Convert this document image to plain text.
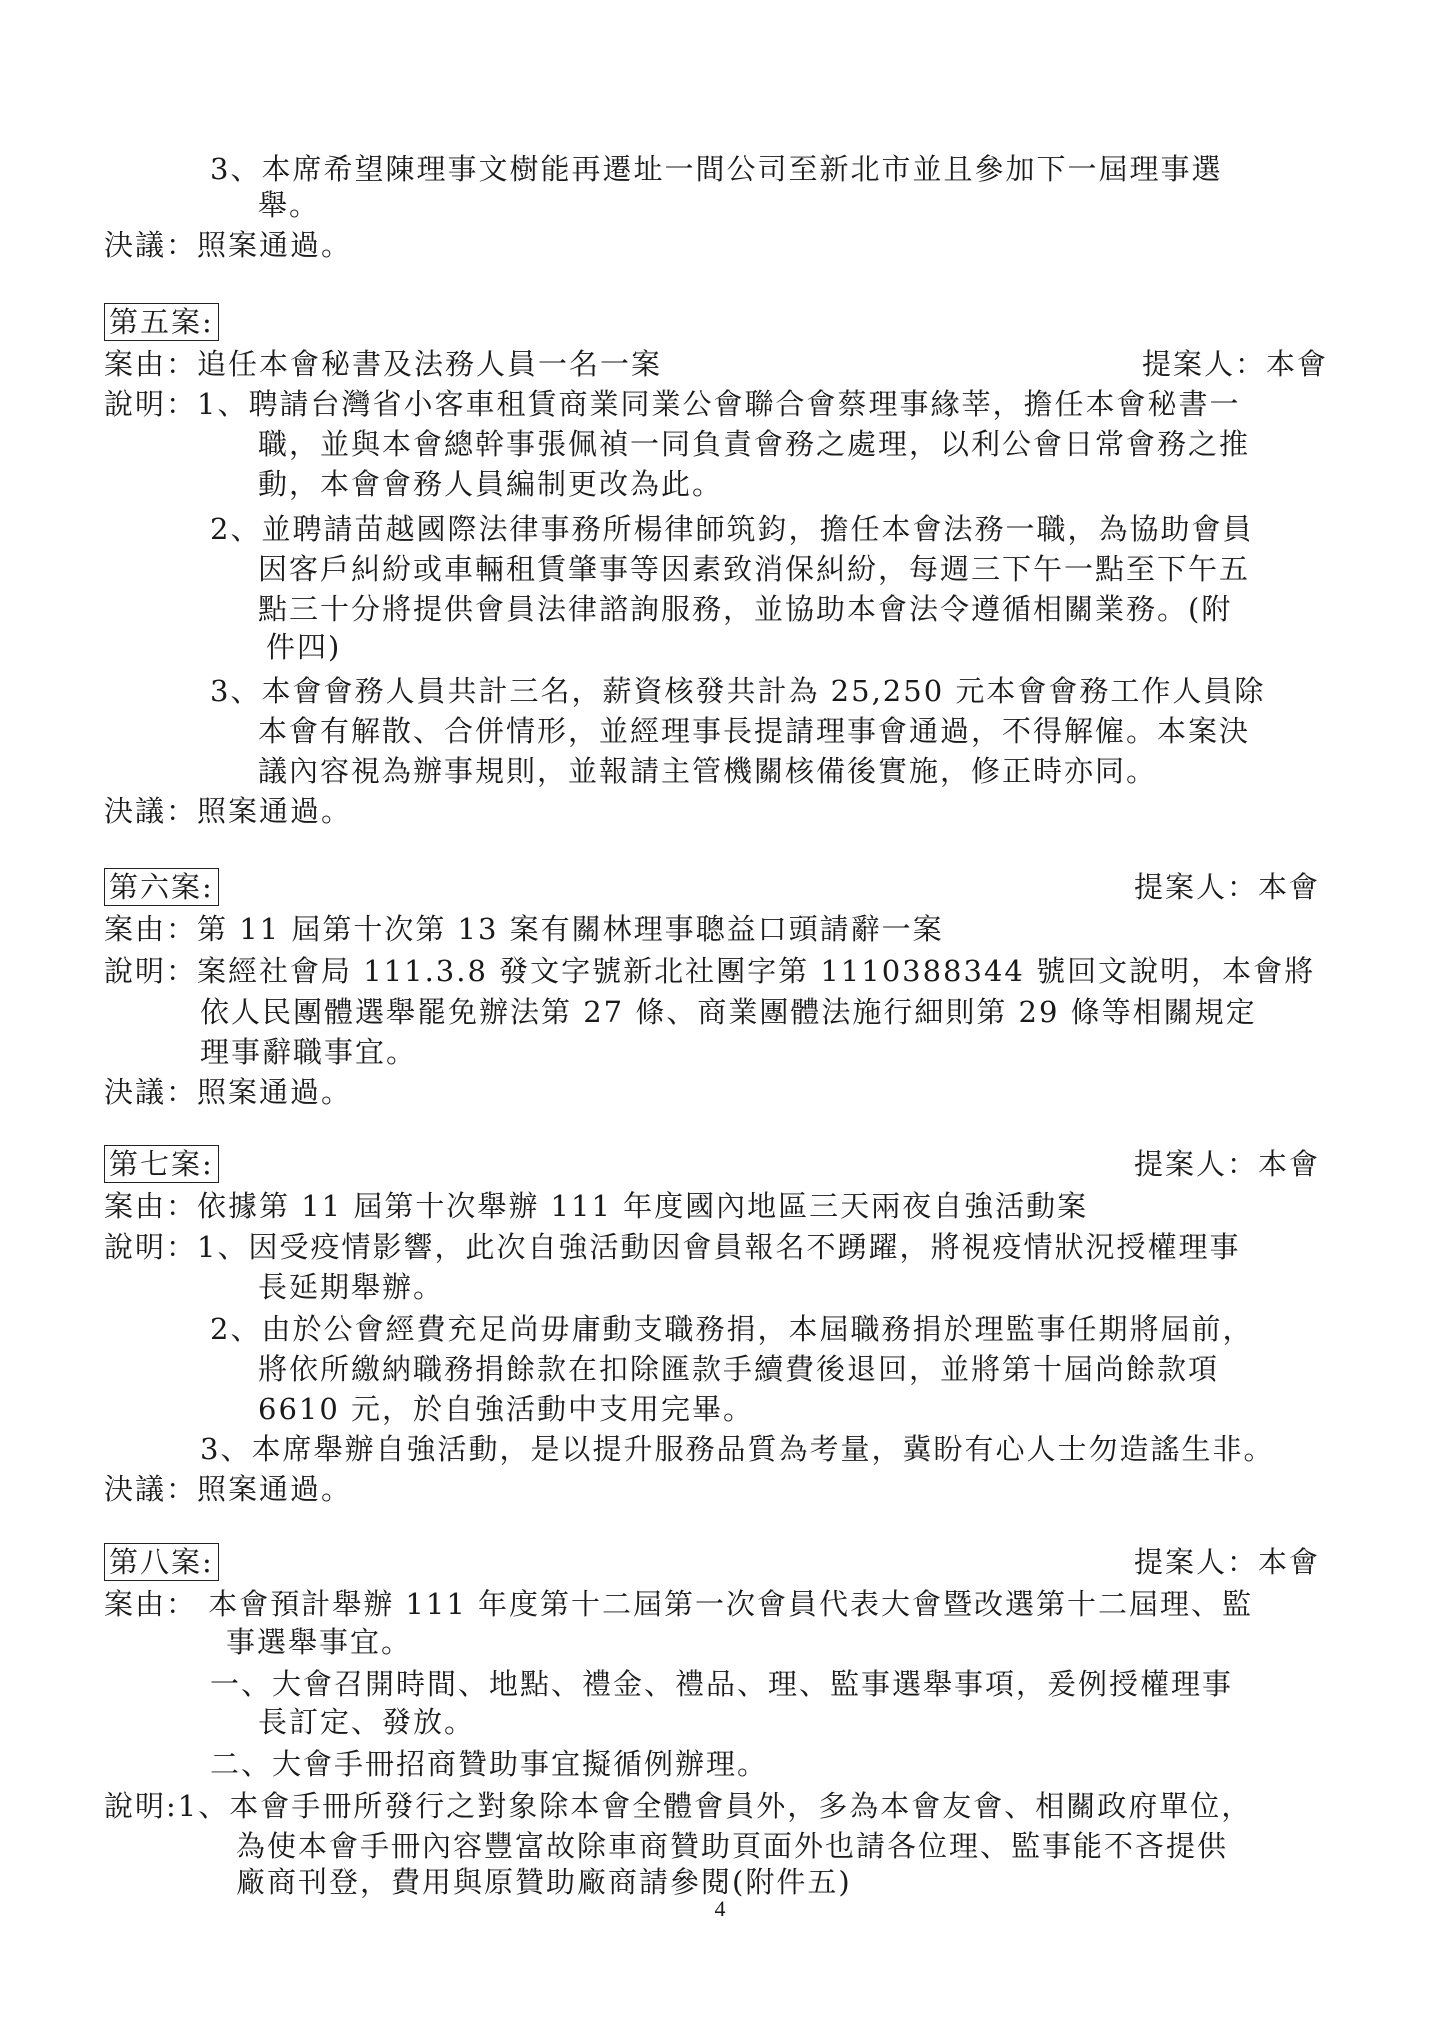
3、本席希望陳理事文樹能再遷址一間公司至新北市並且參加下一屆理事選
舉。
決議：照案通過。
第五案:
案由：追任本會秘書及法務人員一名一案	提案人：本會
說明：1、聘請台灣省小客車租賃商業同業公會聯合會蔡理事緣莘，擔任本會秘書一
職，並與本會總幹事張佩禎一同負責會務之處理，以利公會日常會務之推
動，本會會務人員編制更改為此。
2、並聘請苗越國際法律事務所楊律師筑鈞，擔任本會法務一職，為協助會員
因客戶糾紛或車輛租賃肇事等因素致消保糾紛，每週三下午一點至下午五
點三十分將提供會員法律諮詢服務，並協助本會法令遵循相關業務。(附
件四)
3、本會會務人員共計三名，薪資核發共計為 25,250 元本會會務工作人員除
本會有解散、合併情形，並經理事長提請理事會通過，不得解僱。本案決
議內容視為辦事規則，並報請主管機關核備後實施，修正時亦同。
決議：照案通過。
第六案:	提案人：本會
案由：第 11 屆第十次第 13 案有關林理事聰益口頭請辭一案
說明：案經社會局 111.3.8 發文字號新北社團字第 1110388344 號回文說明，本會將
依人民團體選舉罷免辦法第 27 條、商業團體法施行細則第 29 條等相關規定
理事辭職事宜。
決議：照案通過。
第七案:	提案人：本會
案由：依據第 11 屆第十次舉辦 111 年度國內地區三天兩夜自強活動案
說明：1、因受疫情影響，此次自強活動因會員報名不踴躍，將視疫情狀況授權理事
長延期舉辦。
2、由於公會經費充足尚毋庸動支職務捐，本屆職務捐於理監事任期將屆前，
將依所繳納職務捐餘款在扣除匯款手續費後退回，並將第十屆尚餘款項
6610 元，於自強活動中支用完畢。
3、本席舉辦自強活動，是以提升服務品質為考量，冀盼有心人士勿造謠生非。
決議：照案通過。
第八案:	提案人：本會
案由： 本會預計舉辦 111 年度第十二屆第一次會員代表大會暨改選第十二屆理、監
事選舉事宜。
一、大會召開時間、地點、禮金、禮品、理、監事選舉事項，爰例授權理事
長訂定、發放。
二、大會手冊招商贊助事宜擬循例辦理。
說明:1、本會手冊所發行之對象除本會全體會員外，多為本會友會、相關政府單位，
為使本會手冊內容豐富故除車商贊助頁面外也請各位理、監事能不吝提供
廠商刊登，費用與原贊助廠商請參閱(附件五)
4
